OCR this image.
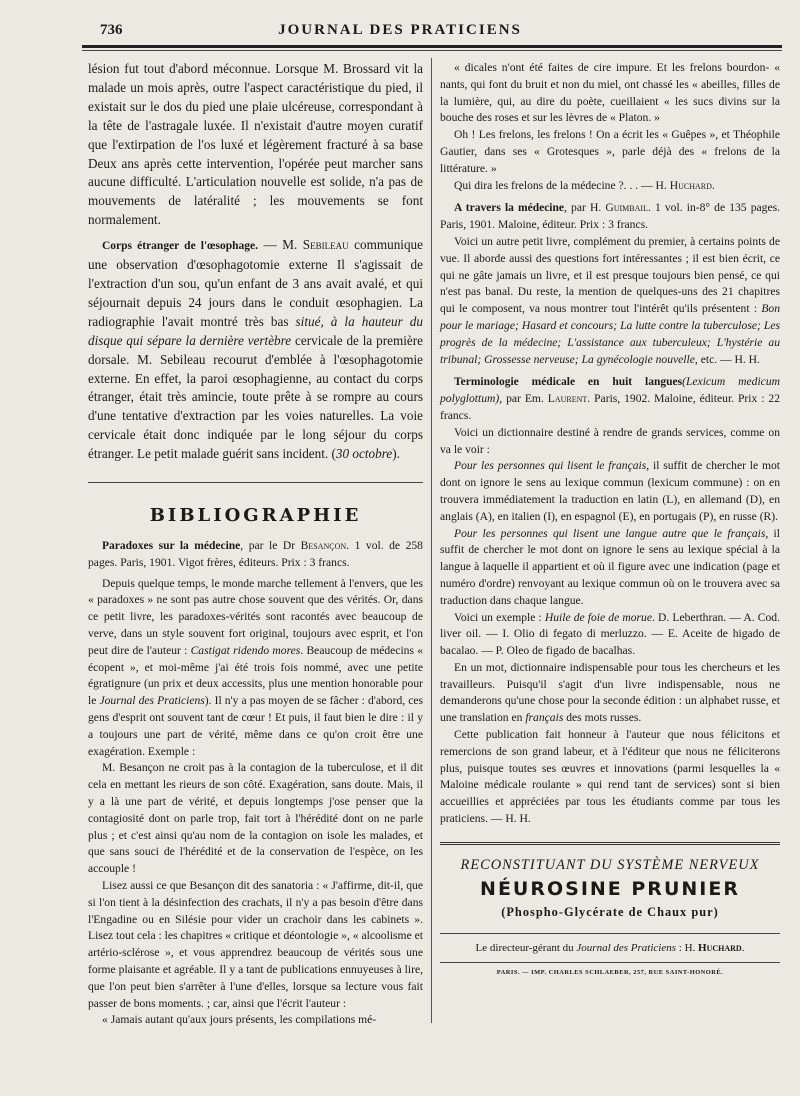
736	JOURNAL DES PRATICIENS

lésion fut tout d'abord méconnue. Lorsque M. Brossard vit la malade un mois après, outre l'aspect caractéristique du pied, il existait sur le dos du pied une plaie ulcéreuse, correspondant à la tête de l'astragale luxée. Il n'existait d'autre moyen curatif que l'extirpation de l'os luxé et légèrement fracturé à sa base Deux ans après cette intervention, l'opérée peut marcher sans aucune difficulté. L'articulation nouvelle est solide, n'a pas de mouvements de latéralité ; les mouvements se font normalement.

Corps étranger de l'œsophage. — M. Sebileau communique une observation d'œsophagotomie externe Il s'agissait de l'extraction d'un sou, qu'un enfant de 3 ans avait avalé, et qui séjournait depuis 24 jours dans le conduit œsophagien. La radiographie l'avait montré très bas situé, à la hauteur du disque qui sépare la dernière vertèbre cervicale de la première dorsale. M. Sebileau recourut d'emblée à l'œsophagotomie externe. En effet, la paroi œsophagienne, au contact du corps étranger, était très amincie, toute prête à se rompre au cours d'une tentative d'extraction par les voies naturelles. La voie cervicale était donc indiquée par le long séjour du corps étranger. Le petit malade guérit sans incident. (30 octobre).

BIBLIOGRAPHIE

Paradoxes sur la médecine, par le Dr Besançon. 1 vol. de 258 pages. Paris, 1901. Vigot frères, éditeurs. Prix : 3 francs.

Depuis quelque temps, le monde marche tellement à l'envers, que les « paradoxes » ne sont pas autre chose souvent que des vérités. Or, dans ce petit livre, les paradoxes-vérités sont racontés avec beaucoup de verve, dans un style souvent fort original, toujours avec esprit, et l'on peut dire de l'auteur : Castigat ridendo mores. Beaucoup de médecins « écopent », et moi-même j'ai été trois fois nommé, avec une petite égratignure (un prix et deux accessits, plus une mention honorable pour le Journal des Praticiens). Il n'y a pas moyen de se fâcher : d'abord, ces gens d'esprit ont souvent tant de cœur ! Et puis, il faut bien le dire : il y a toujours une part de vérité, même dans ce qu'on croit être une exagération. Exemple :

M. Besançon ne croit pas à la contagion de la tuberculose, et il dit cela en mettant les rieurs de son côté. Exagération, sans doute. Mais, il y a là une part de vérité, et depuis longtemps j'ose penser que la contagiosité dont on parle trop, fait tort à l'hérédité dont on ne parle plus ; et c'est ainsi qu'au nom de la contagion on isole les malades, et que sans souci de l'hérédité et de la conservation de l'espèce, on les accouple !

Lisez aussi ce que Besançon dit des sanatoria : « J'affirme, dit-il, que si l'on tient à la désinfection des crachats, il n'y a pas besoin d'être dans l'Engadine ou en Silésie pour vider un crachoir dans les cabinets ». Lisez tout cela : les chapitres « critique et déontologie », « alcoolisme et artério-sclérose », et vous apprendrez beaucoup de vérités sous une forme plaisante et agréable. Il y a tant de publications ennuyeuses à lire, que l'on peut bien s'arrêter à l'une d'elles, lorsque sa lecture vous fait passer de bons moments. ; car, ainsi que l'écrit l'auteur :

« Jamais autant qu'aux jours présents, les compilations mé-

« dicales n'ont été faites de cire impure. Et les frelons bourdon- « nants, qui font du bruit et non du miel, ont chassé les « abeilles, filles de la lumière, qui, au dire du poète, cueillaient « les sucs divins sur la bouche des roses et sur les lèvres de « Platon. »

Oh ! Les frelons, les frelons ! On a écrit les « Guêpes », et Théophile Gautier, dans ses « Grotesques », parle déjà des « frelons de la littérature. »

Qui dira les frelons de la médecine ?. . . — H. Huchard.

A travers la médecine, par H. Guimbail. 1 vol. in-8° de 135 pages. Paris, 1901. Maloine, éditeur. Prix : 3 francs.

Voici un autre petit livre, complément du premier, à certains points de vue. Il aborde aussi des questions fort intéressantes ; il est bien écrit, ce qui ne gâte jamais un livre, et il est presque toujours bien pensé, ce qui n'est pas banal. Du reste, la mention de quelques-uns des 21 chapitres qui le composent, va nous montrer tout l'intérêt qu'ils présentent : Bon pour le mariage; Hasard et concours; La lutte contre la tuberculose; Les progrès de la médecine; L'assistance aux tuberculeux; L'hystérie au tribunal; Grossesse nerveuse; La gynécologie nouvelle, etc. — H. H.

Terminologie médicale en huit langues(Lexicum medicum polyglottum), par Em. Laurent. Paris, 1902. Maloine, éditeur. Prix : 22 francs.

Voici un dictionnaire destiné à rendre de grands services, comme on va le voir :

Pour les personnes qui lisent le français, il suffit de chercher le mot dont on ignore le sens au lexique commun (lexicum commune) : on en trouvera immédiatement la traduction en latin (L), en allemand (D), en anglais (A), en italien (I), en espagnol (E), en portugais (P), en russe (R).

Pour les personnes qui lisent une langue autre que le français, il suffit de chercher le mot dont on ignore le sens au lexique spécial à la langue à laquelle il appartient et où il figure avec une indication (page et numéro d'ordre) renvoyant au lexique commun où on le trouvera avec sa traduction dans chaque langue.

Voici un exemple : Huile de foie de morue. D. Leberthran. — A. Cod. liver oil. — I. Olio di fegato di merluzzo. — E. Aceite de higado de bacalao. — P. Oleo de figado de bacalhas.

En un mot, dictionnaire indispensable pour tous les chercheurs et les travailleurs. Puisqu'il s'agit d'un livre indispensable, nous ne demanderons qu'une chose pour la seconde édition : un alphabet russe, et une translation en français des mots russes.

Cette publication fait honneur à l'auteur que nous félicitons et remercions de son grand labeur, et à l'éditeur que nous ne féliciterons plus, puisque toutes ses œuvres et innovations (parmi lesquelles la « Maloine médicale roulante » qui rend tant de services) sont si bien accueillies et appréciées par tous les étudiants comme par tous les praticiens. — H. H.

RECONSTITUANT DU SYSTÈME NERVEUX
NÉUROSINE PRUNIER
(Phospho-Glycérate de Chaux pur)
Le directeur-gérant du Journal des Praticiens : H. Huchard.
PARIS. — IMP. CHARLES SCHLAEBER, 257, RUE SAINT-HONORÉ.
